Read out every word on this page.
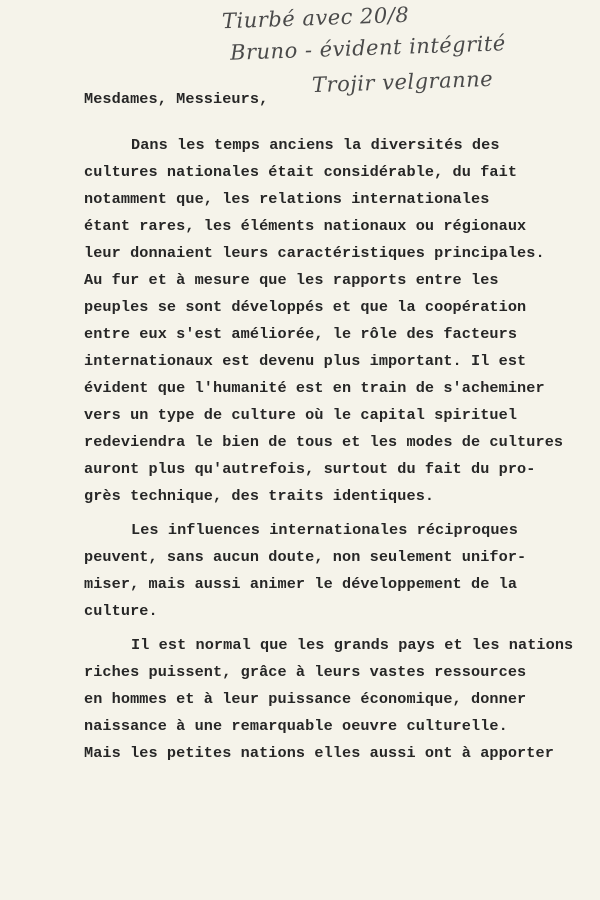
Tiurbé avec 20/8
Bruno - évident intégrité
Trojir velgranne

Mesdames, Messieurs,

Dans les temps anciens la diversités des

cultures nationales était considérable, du fait

notamment que, les relations internationales

étant rares, les éléments nationaux ou régionaux

leur donnaient leurs caractéristiques principales.

Au fur et à mesure que les rapports entre les

peuples se sont développés et que la coopération

entre eux s'est améliorée, le rôle des facteurs

internationaux est devenu plus important. Il est

évident que l'humanité est en train de s'acheminer

vers un type de culture où le capital spirituel

redeviendra le bien de tous et les modes de cultures

auront plus qu'autrefois, surtout du fait du pro-

grès technique, des traits identiques.

Les influences internationales réciproques

peuvent, sans aucun doute, non seulement unifor-

miser, mais aussi animer le développement de la

culture.

Il est normal que les grands pays et les nations

riches puissent, grâce à leurs vastes ressources

en hommes et à leur puissance économique, donner

naissance à une remarquable oeuvre culturelle.

Mais les petites nations elles aussi ont à apporter
